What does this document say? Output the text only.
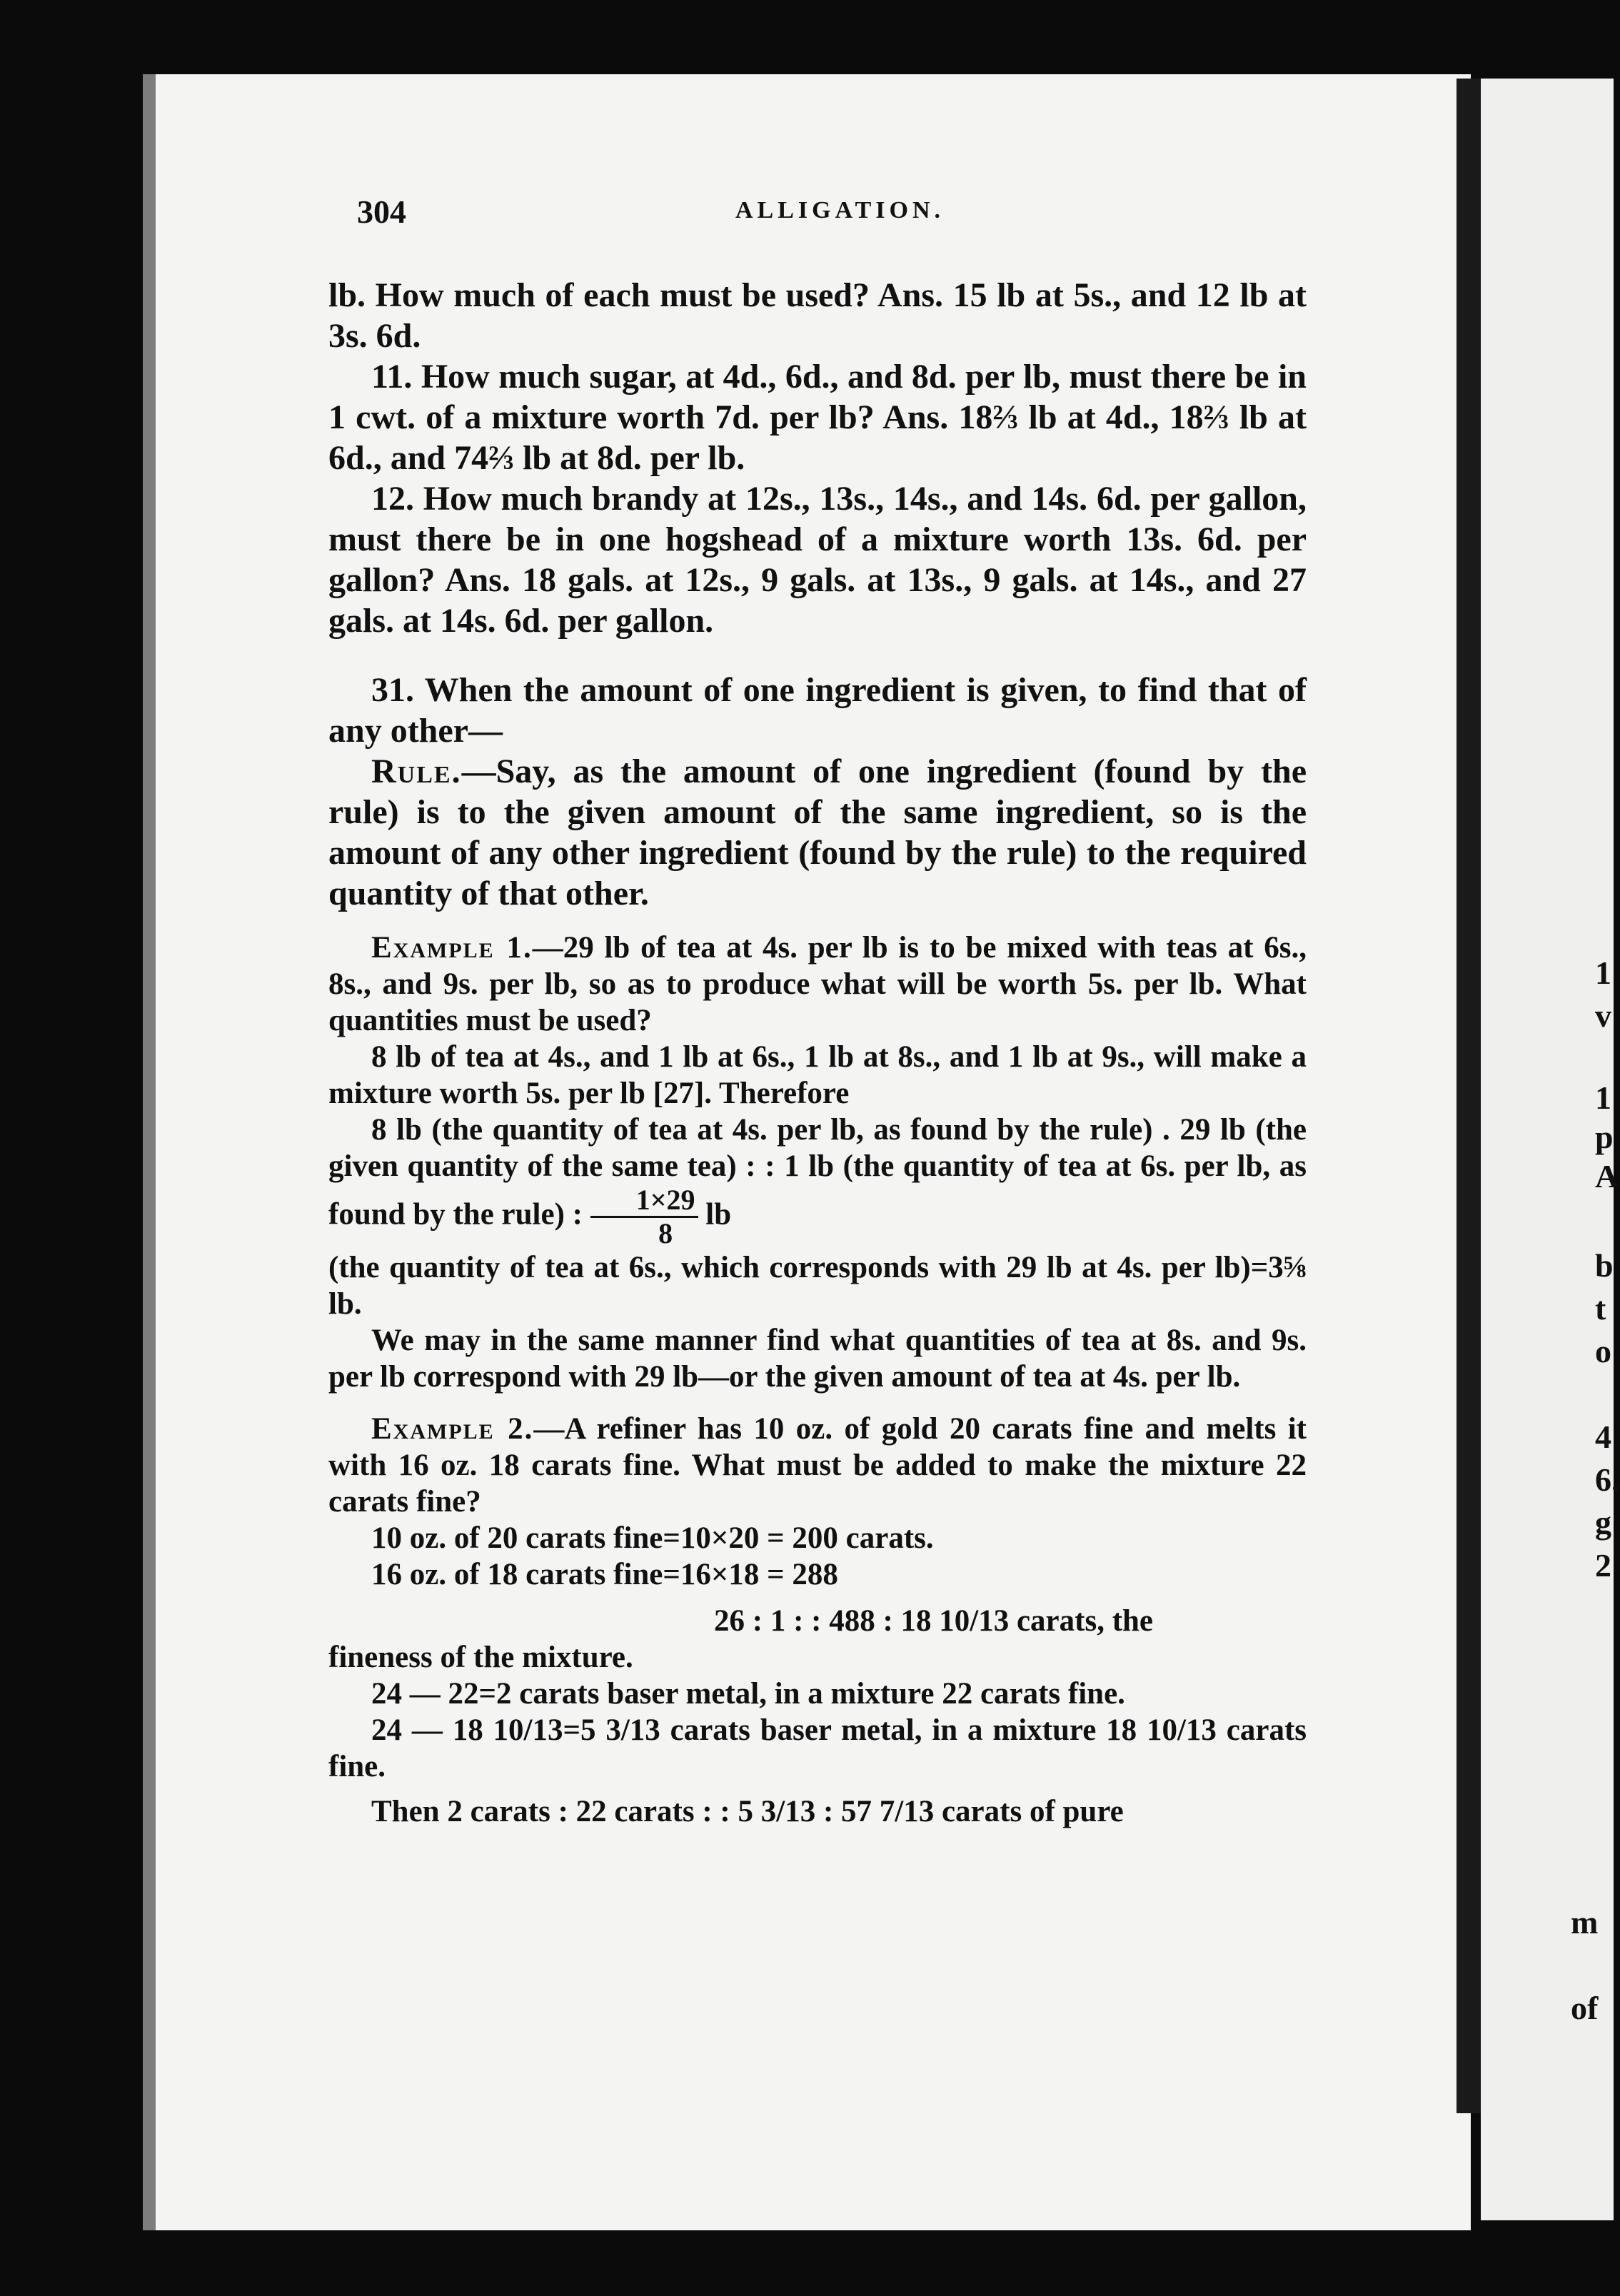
1
v
1
p
A
b
t
o
4
6.
g
2
m
of
304	ALLIGATION.

lb. How much of each must be used? Ans. 15 lb at 5s., and 12 lb at 3s. 6d.

11. How much sugar, at 4d., 6d., and 8d. per lb, must there be in 1 cwt. of a mixture worth 7d. per lb? Ans. 18⅔ lb at 4d., 18⅔ lb at 6d., and 74⅔ lb at 8d. per lb.

12. How much brandy at 12s., 13s., 14s., and 14s. 6d. per gallon, must there be in one hogshead of a mixture worth 13s. 6d. per gallon? Ans. 18 gals. at 12s., 9 gals. at 13s., 9 gals. at 14s., and 27 gals. at 14s. 6d. per gallon.

31. When the amount of one ingredient is given, to find that of any other—

Rule.—Say, as the amount of one ingredient (found by the rule) is to the given amount of the same ingredient, so is the amount of any other ingredient (found by the rule) to the required quantity of that other.

Example 1.—29 lb of tea at 4s. per lb is to be mixed with teas at 6s., 8s., and 9s. per lb, so as to produce what will be worth 5s. per lb. What quantities must be used?

8 lb of tea at 4s., and 1 lb at 6s., 1 lb at 8s., and 1 lb at 9s., will make a mixture worth 5s. per lb [27]. Therefore

8 lb (the quantity of tea at 4s. per lb, as found by the rule) . 29 lb (the given quantity of the same tea) : : 1 lb (the quantity of tea at 6s. per lb, as found by the rule) : $\frac{1\times 29}{8}$ lb

(the quantity of tea at 6s., which corresponds with 29 lb at 4s. per lb)=3⅝ lb.

We may in the same manner find what quantities of tea at 8s. and 9s. per lb correspond with 29 lb—or the given amount of tea at 4s. per lb.

Example 2.—A refiner has 10 oz. of gold 20 carats fine and melts it with 16 oz. 18 carats fine. What must be added to make the mixture 22 carats fine?

10 oz. of 20 carats fine=10×20 = 200 carats.

16 oz. of 18 carats fine=16×18 = 288

26 : 1 : : 488 : 18 10/13 carats, the

fineness of the mixture.

24 — 22=2 carats baser metal, in a mixture 22 carats fine.

24 — 18 10/13=5 3/13 carats baser metal, in a mixture 18 10/13 carats fine.

Then 2 carats : 22 carats : : 5 3/13 : 57 7/13 carats of pure
